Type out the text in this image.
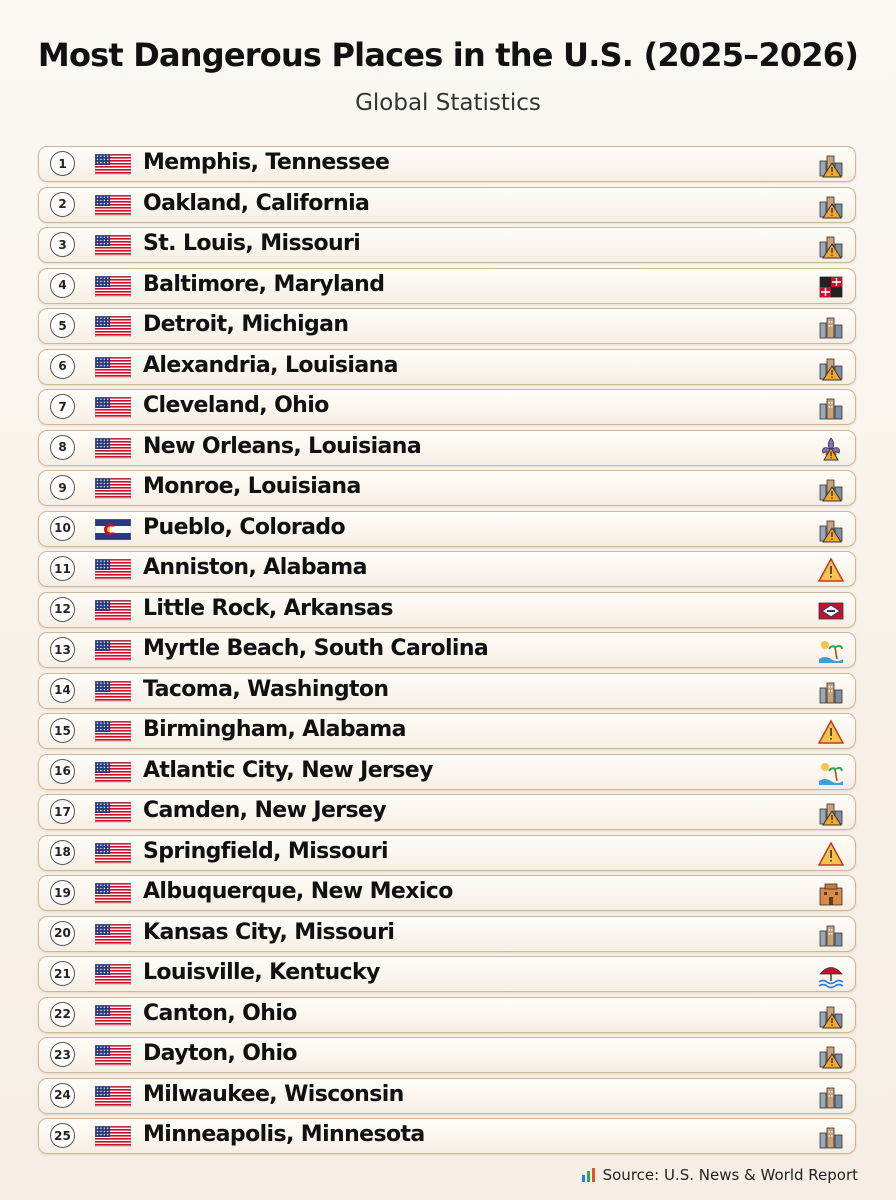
Most Dangerous Places in the U.S. (2025–2026)
Global Statistics
1	Memphis, Tennessee
2	Oakland, California
3	St. Louis, Missouri
4	Baltimore, Maryland
5	Detroit, Michigan
6	Alexandria, Louisiana
7	Cleveland, Ohio
8	New Orleans, Louisiana
9	Monroe, Louisiana
10	Pueblo, Colorado
11	Anniston, Alabama
12	Little Rock, Arkansas
13	Myrtle Beach, South Carolina
14	Tacoma, Washington
15	Birmingham, Alabama
16	Atlantic City, New Jersey
17	Camden, New Jersey
18	Springfield, Missouri
19	Albuquerque, New Mexico
20	Kansas City, Missouri
21	Louisville, Kentucky
22	Canton, Ohio
23	Dayton, Ohio
24	Milwaukee, Wisconsin
25	Minneapolis, Minnesota
Source: U.S. News & World Report
